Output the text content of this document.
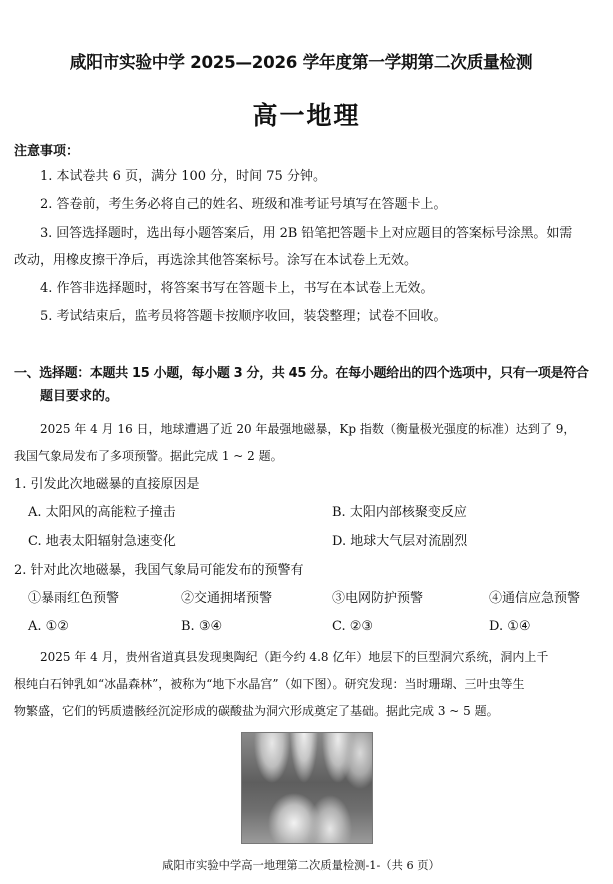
咸阳市实验中学 2025—2026 学年度第一学期第二次质量检测
高一地理
注意事项：
1. 本试卷共 6 页，满分 100 分，时间 75 分钟。
2. 答卷前，考生务必将自己的姓名、班级和准考证号填写在答题卡上。
3. 回答选择题时，选出每小题答案后，用 2B 铅笔把答题卡上对应题目的答案标号涂黑。如需
改动，用橡皮擦干净后，再选涂其他答案标号。涂写在本试卷上无效。
4. 作答非选择题时，将答案书写在答题卡上，书写在本试卷上无效。
5. 考试结束后，监考员将答题卡按顺序收回，装袋整理；试卷不回收。
一、选择题：本题共 15 小题，每小题 3 分，共 45 分。在每小题给出的四个选项中，只有一项是符合
题目要求的。
2025 年 4 月 16 日，地球遭遇了近 20 年最强地磁暴，Kp 指数（衡量极光强度的标准）达到了 9，
我国气象局发布了多项预警。据此完成 1 ~ 2 题。
1. 引发此次地磁暴的直接原因是
A. 太阳风的高能粒子撞击	B. 太阳内部核聚变反应
C. 地表太阳辐射急速变化	D. 地球大气层对流剧烈
2. 针对此次地磁暴，我国气象局可能发布的预警有
①暴雨红色预警	②交通拥堵预警	③电网防护预警	④通信应急预警
A. ①②	B. ③④	C. ②③	D. ①④
2025 年 4 月，贵州省道真县发现奥陶纪（距今约 4.8 亿年）地层下的巨型洞穴系统，洞内上千
根纯白石钟乳如“冰晶森林”，被称为“地下水晶宫”（如下图）。研究发现：当时珊瑚、三叶虫等生
物繁盛，它们的钙质遗骸经沉淀形成的碳酸盐为洞穴形成奠定了基础。据此完成 3 ~ 5 题。
咸阳市实验中学高一地理第二次质量检测-1-（共 6 页）
